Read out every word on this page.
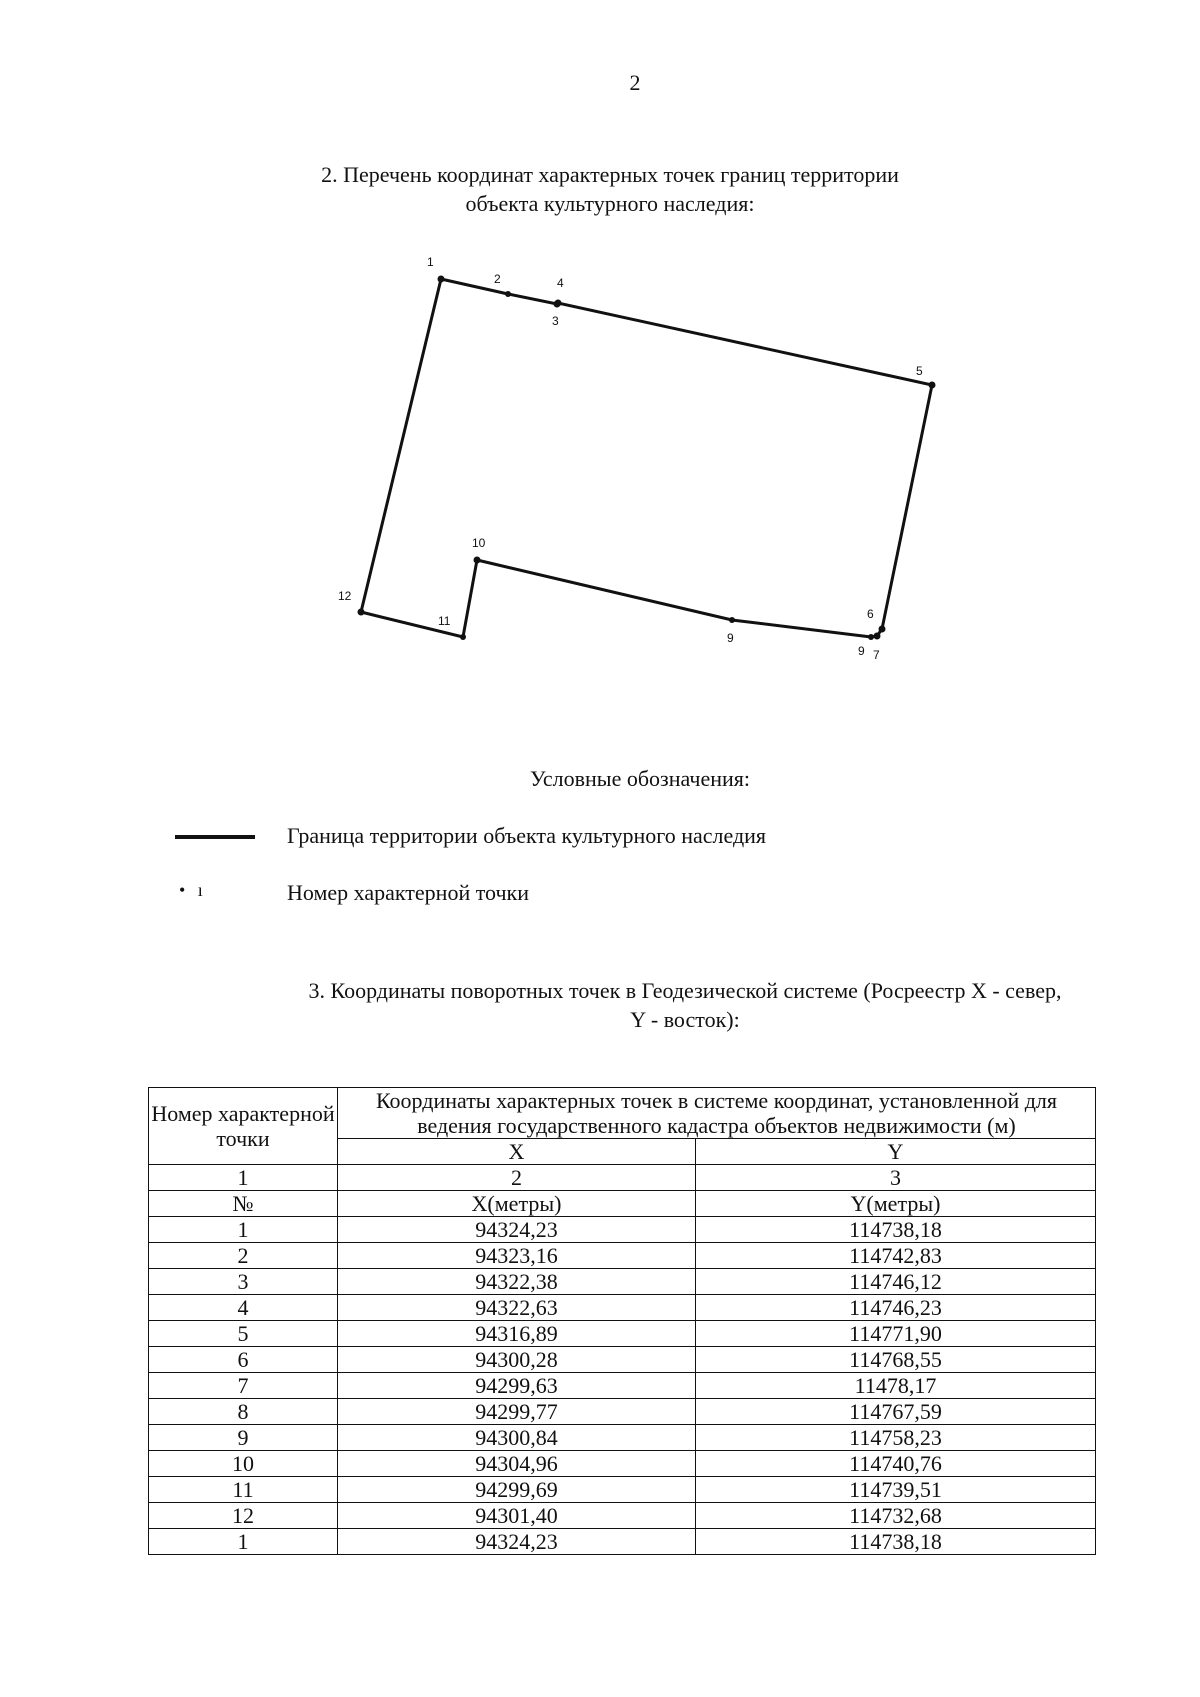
2
2. Перечень координат характерных точек границ территории
объекта культурного наследия:
1
2	4
3
5
10
12
11
9
6
9 7
Условные обозначения:
Граница территории объекта культурного наследия
• ı	Номер характерной точки
3. Координаты поворотных точек в Геодезической системе (Росреестр X - север,
Y - восток):
Номер характерной точки	Координаты характерных точек в системе координат, установленной для ведения государственного кадастра объектов недвижимости (м)	
	X	Y
1	2	3
№	X(метры)	Y(метры)
1	94324,23	114738,18
2	94323,16	114742,83
3	94322,38	114746,12
4	94322,63	114746,23
5	94316,89	114771,90
6	94300,28	114768,55
7	94299,63	11478,17
8	94299,77	114767,59
9	94300,84	114758,23
10	94304,96	114740,76
11	94299,69	114739,51
12	94301,40	114732,68
1	94324,23	114738,18
